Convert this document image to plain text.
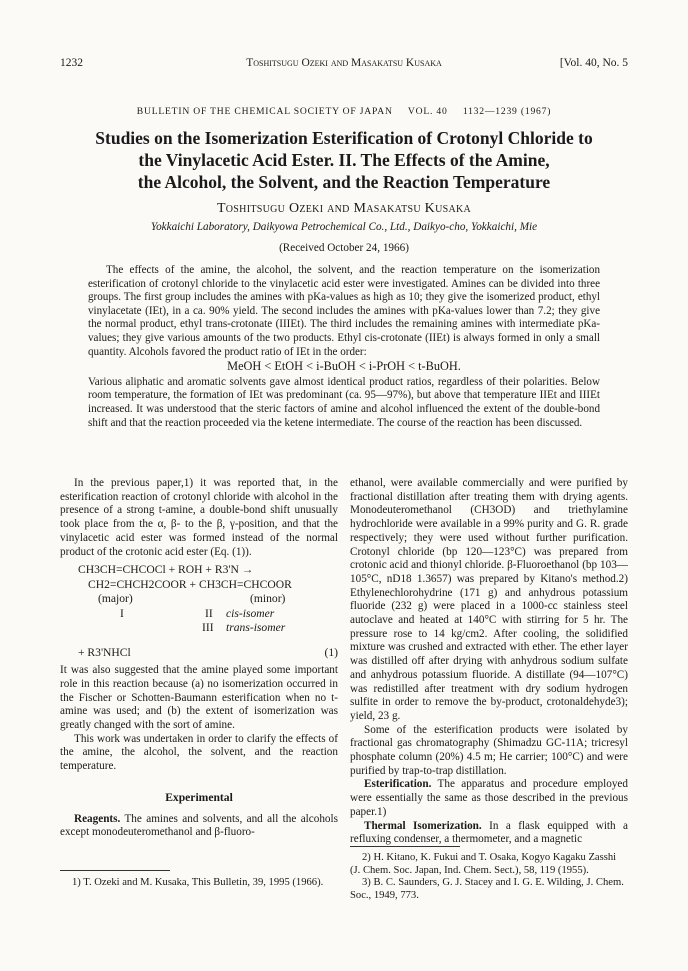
1232	Toshitsugu Ozeki and Masakatsu Kusaka	[Vol. 40, No. 5
BULLETIN OF THE CHEMICAL SOCIETY OF JAPAN VOL. 40 1132—1239 (1967)
Studies on the Isomerization Esterification of Crotonyl Chloride to
the Vinylacetic Acid Ester. II. The Effects of the Amine,
the Alcohol, the Solvent, and the Reaction Temperature
Toshitsugu Ozeki and Masakatsu Kusaka
Yokkaichi Laboratory, Daikyowa Petrochemical Co., Ltd., Daikyo-cho, Yokkaichi, Mie
(Received October 24, 1966)

The effects of the amine, the alcohol, the solvent, and the reaction temperature on the isomerization esterification of crotonyl chloride to the vinylacetic acid ester were investigated. Amines can be divided into three groups. The first group includes the amines with pKa-values as high as 10; they give the isomerized product, ethyl vinylacetate (IEt), in a ca. 90% yield. The second includes the amines with pKa-values lower than 7.2; they give the normal product, ethyl trans-crotonate (IIIEt). The third includes the remaining amines with intermediate pKa-values; they give various amounts of the two products. Ethyl cis-crotonate (IIEt) is always formed in only a small quantity. Alcohols favored the product ratio of IEt in the order:

MeOH < EtOH < i-BuOH < i-PrOH < t-BuOH.

Various aliphatic and aromatic solvents gave almost identical product ratios, regardless of their polarities. Below room temperature, the formation of IEt was predominant (ca. 95—97%), but above that temperature IIEt and IIIEt increased. It was understood that the steric factors of amine and alcohol influenced the extent of the double-bond shift and that the reaction proceeded via the ketene intermediate. The course of the reaction has been discussed.

In the previous paper,1) it was reported that, in the esterification reaction of crotonyl chloride with alcohol in the presence of a strong t-amine, a double-bond shift unusually took place from the α, β- to the β, γ-position, and that the vinylacetic acid ester was formed instead of the normal product of the crotonic acid ester (Eq. (1)).

CH3CH=CHCOCl + ROH + R3'N →
CH2=CHCH2COOR + CH3CH=CHCOOR
(major)	(minor)
I	II cis-isomer
III trans-isomer
+ R3'NHCl	(1)

It was also suggested that the amine played some important role in this reaction because (a) no isomerization occurred in the Fischer or Schotten-Baumann esterification when no t-amine was used; and (b) the extent of isomerization was greatly changed with the sort of amine.

This work was undertaken in order to clarify the effects of the amine, the alcohol, the solvent, and the reaction temperature.

Experimental

Reagents. The amines and solvents, and all the alcohols except monodeuteromethanol and β-fluoro-

1) T. Ozeki and M. Kusaka, This Bulletin, 39, 1995 (1966).

ethanol, were available commercially and were purified by fractional distillation after treating them with drying agents. Monodeuteromethanol (CH3OD) and triethylamine hydrochloride were available in a 99% purity and G. R. grade respectively; they were used without further purification. Crotonyl chloride (bp 120—123°C) was prepared from crotonic acid and thionyl chloride. β-Fluoroethanol (bp 103—105°C, nD18 1.3657) was prepared by Kitano's method.2) Ethylenechlorohydrine (171 g) and anhydrous potassium fluoride (232 g) were placed in a 1000-cc stainless steel autoclave and heated at 140°C with stirring for 5 hr. The pressure rose to 14 kg/cm2. After cooling, the solidified mixture was crushed and extracted with ether. The ether layer was distilled off after drying with anhydrous sodium sulfate and anhydrous potassium fluoride. A distillate (94—107°C) was redistilled after treatment with dry sodium hydrogen sulfite in order to remove the by-product, crotonaldehyde3); yield, 23 g.

Some of the esterification products were isolated by fractional gas chromatography (Shimadzu GC-11A; tricresyl phosphate column (20%) 4.5 m; He carrier; 100°C) and were purified by trap-to-trap distillation.

Esterification. The apparatus and procedure employed were essentially the same as those described in the previous paper.1)

Thermal Isomerization. In a flask equipped with a refluxing condenser, a thermometer, and a magnetic

2) H. Kitano, K. Fukui and T. Osaka, Kogyo Kagaku Zasshi (J. Chem. Soc. Japan, Ind. Chem. Sect.), 58, 119 (1955).

3) B. C. Saunders, G. J. Stacey and I. G. E. Wilding, J. Chem. Soc., 1949, 773.
